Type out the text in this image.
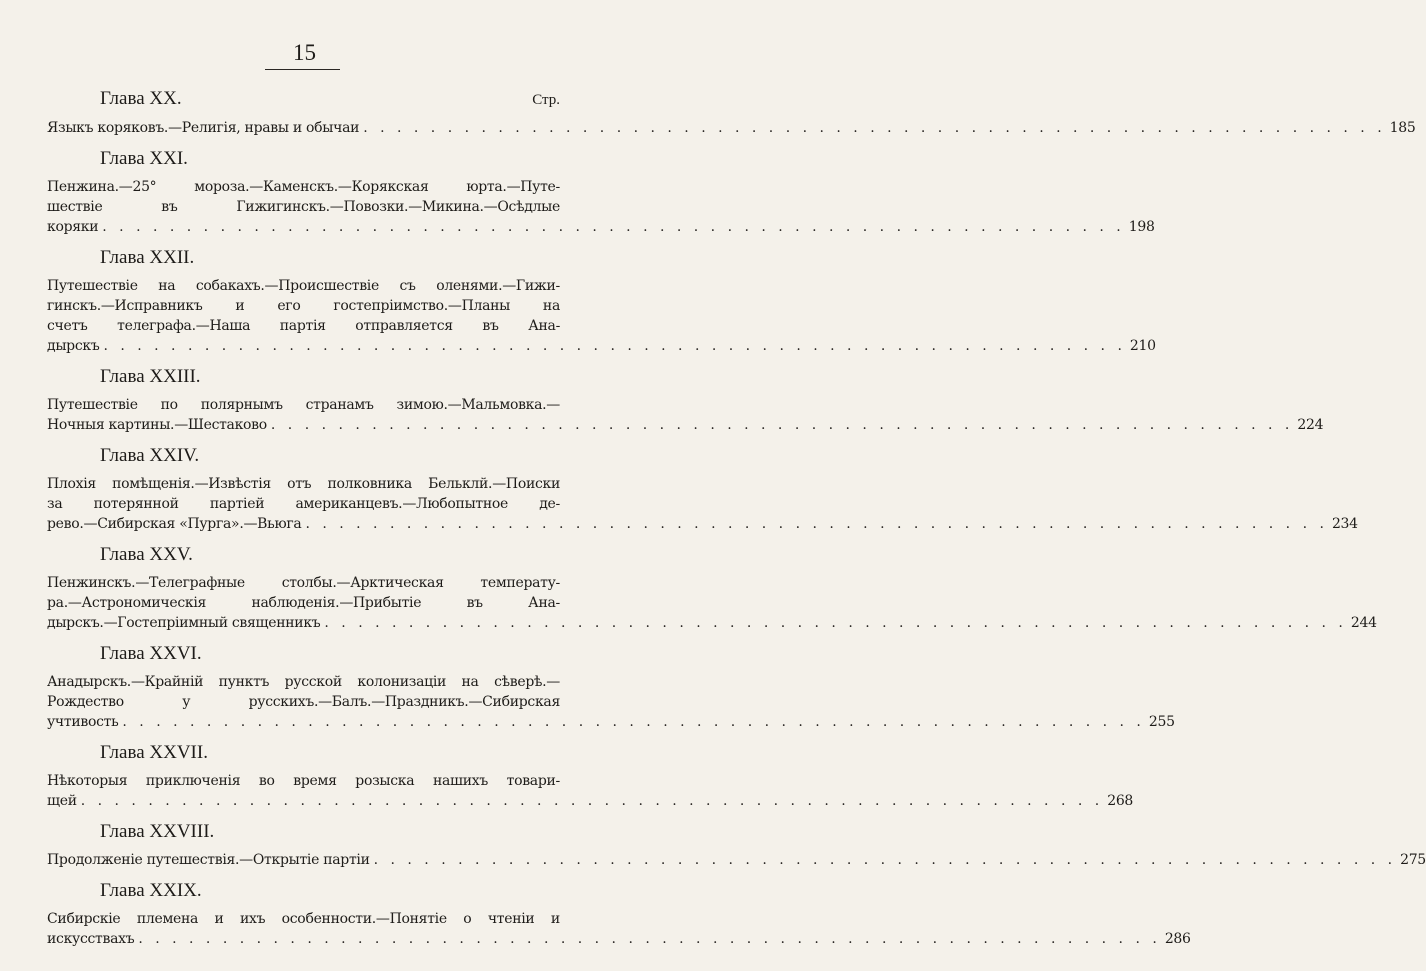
15
Глава XX.	Стр.
Языкъ коряковъ.—Религія, нравы и обычаи . . . . . . . . . . . . . . . . . . . . . . . . . . . . . . . . . . . . . . . . . . . . . . . . . . . . . . . . . . . . . 185
Глава XXI.
Пенжина.—25°	мороза.—Каменскъ.—Корякская	юрта.—Путе-
шествіе	въ	Гижигинскъ.—Повозки.—Микина.—Осѣдлые
коряки . . . . . . . . . . . . . . . . . . . . . . . . . . . . . . . . . . . . . . . . . . . . . . . . . . . . . . . . . . . . . 198
Глава XXII.
Путешествіе на собакахъ.—Происшествіе съ оленями.—Гижи-
гинскъ.—Исправникъ и его гостепріимство.—Планы на
счетъ телеграфа.—Наша партія отправляется въ Ана-
дырскъ . . . . . . . . . . . . . . . . . . . . . . . . . . . . . . . . . . . . . . . . . . . . . . . . . . . . . . . . . . . . . 210
Глава XXIII.
Путешествіе по полярнымъ странамъ зимою.—Мальмовка.—
Ночныя картины.—Шестаково . . . . . . . . . . . . . . . . . . . . . . . . . . . . . . . . . . . . . . . . . . . . . . . . . . . . . . . . . . . . . 224
Глава XXIV.
Плохія помѣщенія.—Извѣстія отъ полковника Бельклй.—Поиски
за потерянной партіей американцевъ.—Любопытное де-
рево.—Сибирская «Пурга».—Вьюга . . . . . . . . . . . . . . . . . . . . . . . . . . . . . . . . . . . . . . . . . . . . . . . . . . . . . . . . . . . . . 234
Глава XXV.
Пенжинскъ.—Телеграфные	столбы.—Арктическая	температу-
ра.—Астрономическія	наблюденія.—Прибытіе	въ	Ана-
дырскъ.—Гостепріимный священникъ . . . . . . . . . . . . . . . . . . . . . . . . . . . . . . . . . . . . . . . . . . . . . . . . . . . . . . . . . . . . . 244
Глава XXVI.
Анадырскъ.—Крайній пунктъ русской колонизаціи на сѣверѣ.—
Рождество	у	русскихъ.—Балъ.—Праздникъ.—Сибирская
учтивость . . . . . . . . . . . . . . . . . . . . . . . . . . . . . . . . . . . . . . . . . . . . . . . . . . . . . . . . . . . . . 255
Глава XXVII.
Нѣкоторыя приключенія во время розыска нашихъ товари-
щей . . . . . . . . . . . . . . . . . . . . . . . . . . . . . . . . . . . . . . . . . . . . . . . . . . . . . . . . . . . . . 268
Глава XXVIII.
Продолженіе путешествія.—Открытіе партіи . . . . . . . . . . . . . . . . . . . . . . . . . . . . . . . . . . . . . . . . . . . . . . . . . . . . . . . . . . . . . 275
Глава XXIX.
Сибирскіе племена и ихъ особенности.—Понятіе о чтеніи и
искусствахъ . . . . . . . . . . . . . . . . . . . . . . . . . . . . . . . . . . . . . . . . . . . . . . . . . . . . . . . . . . . . . 286
